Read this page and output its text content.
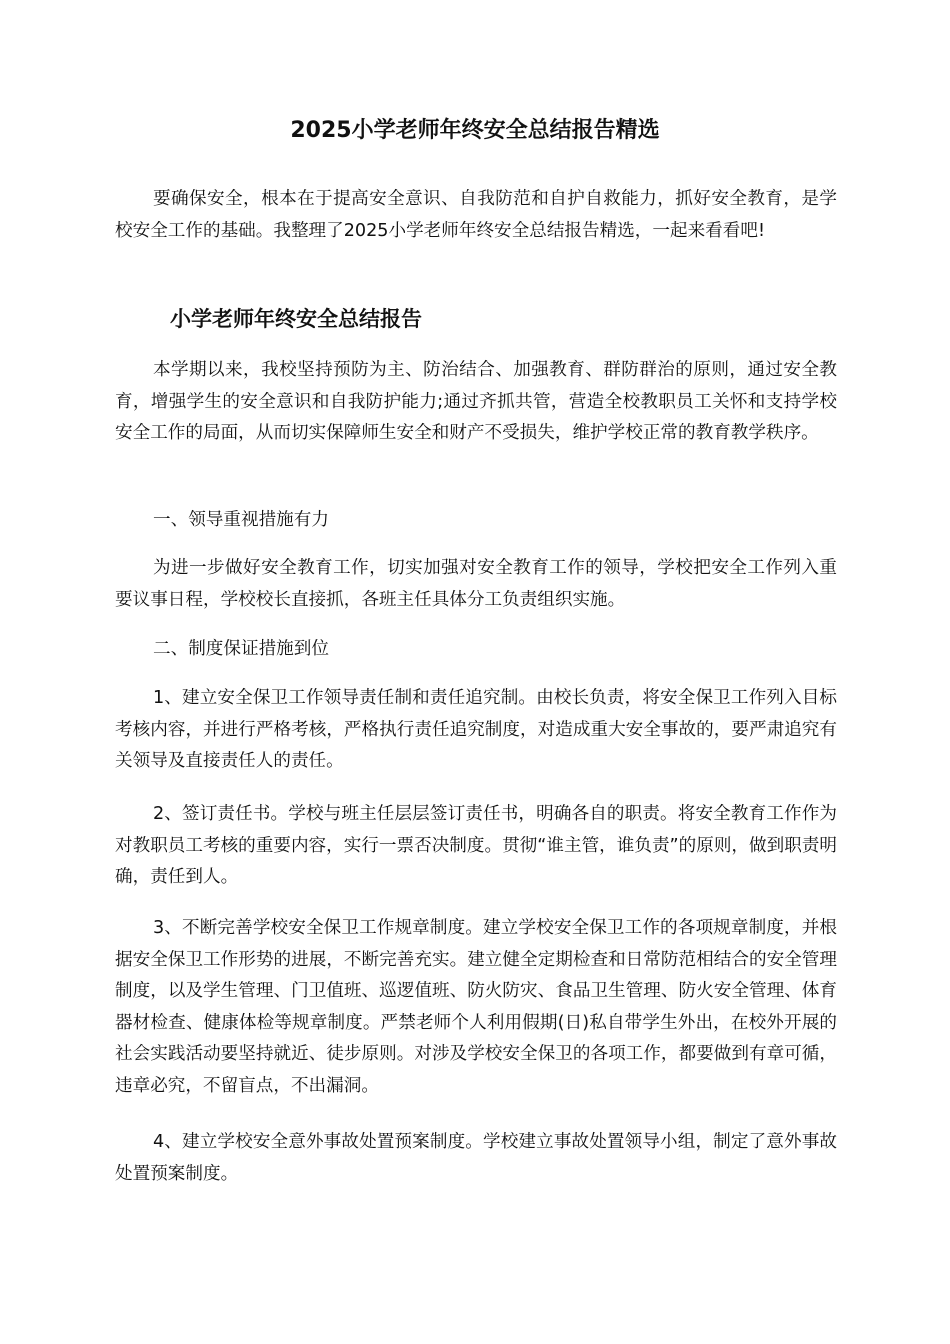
2025小学老师年终安全总结报告精选

要确保安全，根本在于提高安全意识、自我防范和自护自救能力，抓好安全教育，是学校安全工作的基础。我整理了2025小学老师年终安全总结报告精选，一起来看看吧!

小学老师年终安全总结报告

本学期以来，我校坚持预防为主、防治结合、加强教育、群防群治的原则，通过安全教育，增强学生的安全意识和自我防护能力;通过齐抓共管，营造全校教职员工关怀和支持学校安全工作的局面，从而切实保障师生安全和财产不受损失，维护学校正常的教育教学秩序。

一、领导重视措施有力

为进一步做好安全教育工作，切实加强对安全教育工作的领导，学校把安全工作列入重要议事日程，学校校长直接抓，各班主任具体分工负责组织实施。

二、制度保证措施到位

1、建立安全保卫工作领导责任制和责任追究制。由校长负责，将安全保卫工作列入目标考核内容，并进行严格考核，严格执行责任追究制度，对造成重大安全事故的，要严肃追究有关领导及直接责任人的责任。

2、签订责任书。学校与班主任层层签订责任书，明确各自的职责。将安全教育工作作为对教职员工考核的重要内容，实行一票否决制度。贯彻“谁主管，谁负责”的原则，做到职责明确，责任到人。

3、不断完善学校安全保卫工作规章制度。建立学校安全保卫工作的各项规章制度，并根据安全保卫工作形势的进展，不断完善充实。建立健全定期检查和日常防范相结合的安全管理制度，以及学生管理、门卫值班、巡逻值班、防火防灾、食品卫生管理、防火安全管理、体育器材检查、健康体检等规章制度。严禁老师个人利用假期(日)私自带学生外出，在校外开展的社会实践活动要坚持就近、徒步原则。对涉及学校安全保卫的各项工作，都要做到有章可循，违章必究，不留盲点，不出漏洞。

4、建立学校安全意外事故处置预案制度。学校建立事故处置领导小组，制定了意外事故处置预案制度。
